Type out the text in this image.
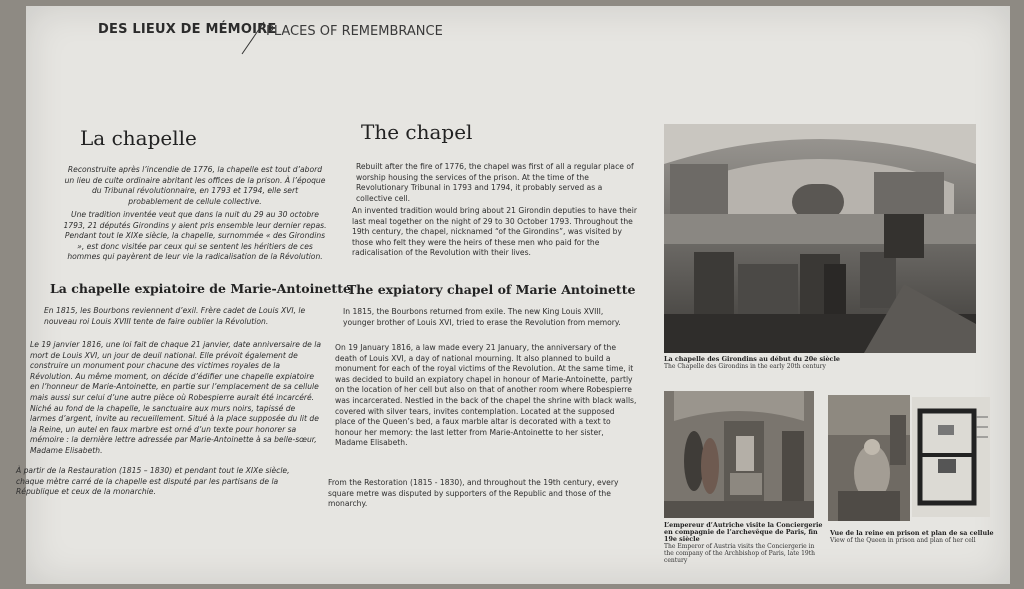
DES LIEUX DE MÉMOIRE
PLACES OF REMEMBRANCE
La chapelle

Reconstruite après l’incendie de 1776, la chapelle est tout d’abord un lieu de culte ordinaire abritant les offices de la prison. À l’époque du Tribunal révolutionnaire, en 1793 et 1794, elle sert probablement de cellule collective.

Une tradition inventée veut que dans la nuit du 29 au 30 octobre 1793, 21 députés Girondins y aient pris ensemble leur dernier repas. Pendant tout le XIXe siècle, la chapelle, surnommée « des Girondins », est donc visitée par ceux qui se sentent les héritiers de ces hommes qui payèrent de leur vie la radicalisation de la Révolution.

La chapelle expiatoire de Marie-Antoinette

En 1815, les Bourbons reviennent d’exil. Frère cadet de Louis XVI, le nouveau roi Louis XVIII tente de faire oublier la Révolution.

Le 19 janvier 1816, une loi fait de chaque 21 janvier, date anniversaire de la mort de Louis XVI, un jour de deuil national. Elle prévoit également de construire un monument pour chacune des victimes royales de la Révolution. Au même moment, on décide d’édifier une chapelle expiatoire en l’honneur de Marie-Antoinette, en partie sur l’emplacement de sa cellule mais aussi sur celui d’une autre pièce où Robespierre aurait été incarcéré. Niché au fond de la chapelle, le sanctuaire aux murs noirs, tapissé de larmes d’argent, invite au recueillement. Situé à la place supposée du lit de la Reine, un autel en faux marbre est orné d’un texte pour honorer sa mémoire : la dernière lettre adressée par Marie-Antoinette à sa belle-sœur, Madame Elisabeth.

À partir de la Restauration (1815 – 1830) et pendant tout le XIXe siècle, chaque mètre carré de la chapelle est disputé par les partisans de la République et ceux de la monarchie.

The chapel

Rebuilt after the fire of 1776, the chapel was first of all a regular place of worship housing the services of the prison. At the time of the Revolutionary Tribunal in 1793 and 1794, it probably served as a collective cell.

An invented tradition would bring about 21 Girondin deputies to have their last meal together on the night of 29 to 30 October 1793. Throughout the 19th century, the chapel, nicknamed “of the Girondins”, was visited by those who felt they were the heirs of these men who paid for the radicalisation of the Revolution with their lives.

The expiatory chapel of Marie Antoinette

In 1815, the Bourbons returned from exile. The new King Louis XVIII, younger brother of Louis XVI, tried to erase the Revolution from memory.

On 19 January 1816, a law made every 21 January, the anniversary of the death of Louis XVI, a day of national mourning. It also planned to build a monument for each of the royal victims of the Revolution. At the same time, it was decided to build an expiatory chapel in honour of Marie-Antoinette, partly on the location of her cell but also on that of another room where Robespierre was incarcerated. Nestled in the back of the chapel the shrine with black walls, covered with silver tears, invites contemplation. Located at the supposed place of the Queen’s bed, a faux marble altar is decorated with a text to honour her memory: the last letter from Marie-Antoinette to her sister, Madame Elisabeth.

From the Restoration (1815 - 1830), and throughout the 19th century, every square metre was disputed by supporters of the Republic and those of the monarchy.

La chapelle des Girondins au début du 20e siècle
The Chapelle des Girondins in the early 20th century
L’empereur d’Autriche visite la Conciergerie en compagnie de l’archevêque de Paris, fin 19e siècle
The Emperor of Austria visits the Conciergerie in the company of the Archbishop of Paris, late 19th century
Vue de la reine en prison et plan de sa cellule
View of the Queen in prison and plan of her cell
